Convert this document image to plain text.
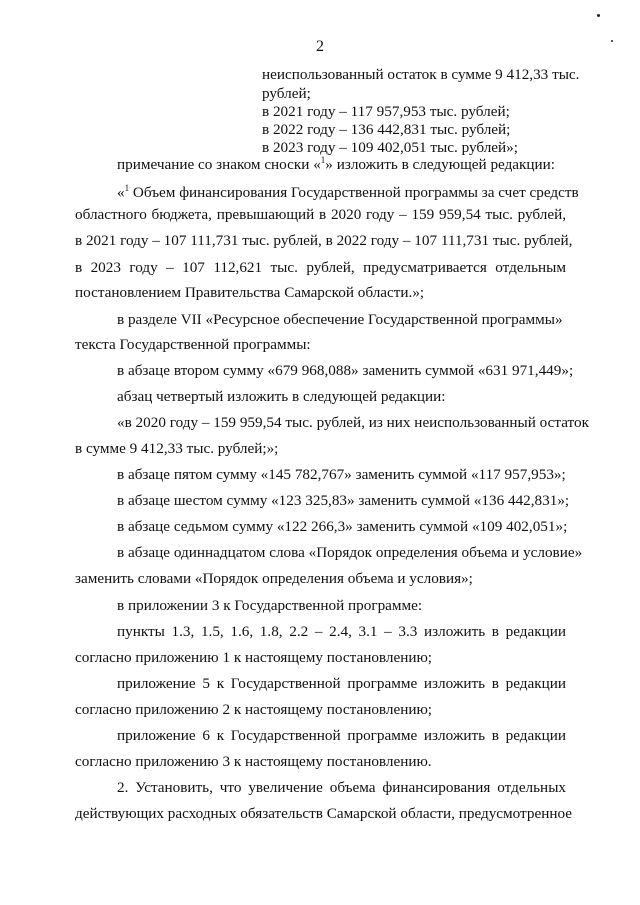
2
неиспользованный остаток в сумме 9 412,33 тыс.
рублей;
в 2021 году – 117 957,953 тыс. рублей;
в 2022 году – 136 442,831 тыс. рублей;
в 2023 году – 109 402,051 тыс. рублей»;
примечание со знаком сноски «$^1$» изложить в следующей редакции:
«$^1$ Объем финансирования Государственной программы за счет средств
областного бюджета, превышающий в 2020 году – 159 959,54 тыс. рублей,
в 2021 году – 107 111,731 тыс. рублей, в 2022 году – 107 111,731 тыс. рублей,
в 2023 году – 107 112,621 тыс. рублей, предусматривается отдельным
постановлением Правительства Самарской области.»;
в разделе VII «Ресурсное обеспечение Государственной программы»
текста Государственной программы:
в абзаце втором сумму «679 968,088» заменить суммой «631 971,449»;
абзац четвертый изложить в следующей редакции:
«в 2020 году – 159 959,54 тыс. рублей, из них неиспользованный остаток
в сумме 9 412,33 тыс. рублей;»;
в абзаце пятом сумму «145 782,767» заменить суммой «117 957,953»;
в абзаце шестом сумму «123 325,83» заменить суммой «136 442,831»;
в абзаце седьмом сумму «122 266,3» заменить суммой «109 402,051»;
в абзаце одиннадцатом слова «Порядок определения объема и условие»
заменить словами «Порядок определения объема и условия»;
в приложении 3 к Государственной программе:
пункты 1.3, 1.5, 1.6, 1.8, 2.2 – 2.4, 3.1 – 3.3 изложить в редакции
согласно приложению 1 к настоящему постановлению;
приложение 5 к Государственной программе изложить в редакции
согласно приложению 2 к настоящему постановлению;
приложение 6 к Государственной программе изложить в редакции
согласно приложению 3 к настоящему постановлению.
2. Установить, что увеличение объема финансирования отдельных
действующих расходных обязательств Самарской области, предусмотренное
